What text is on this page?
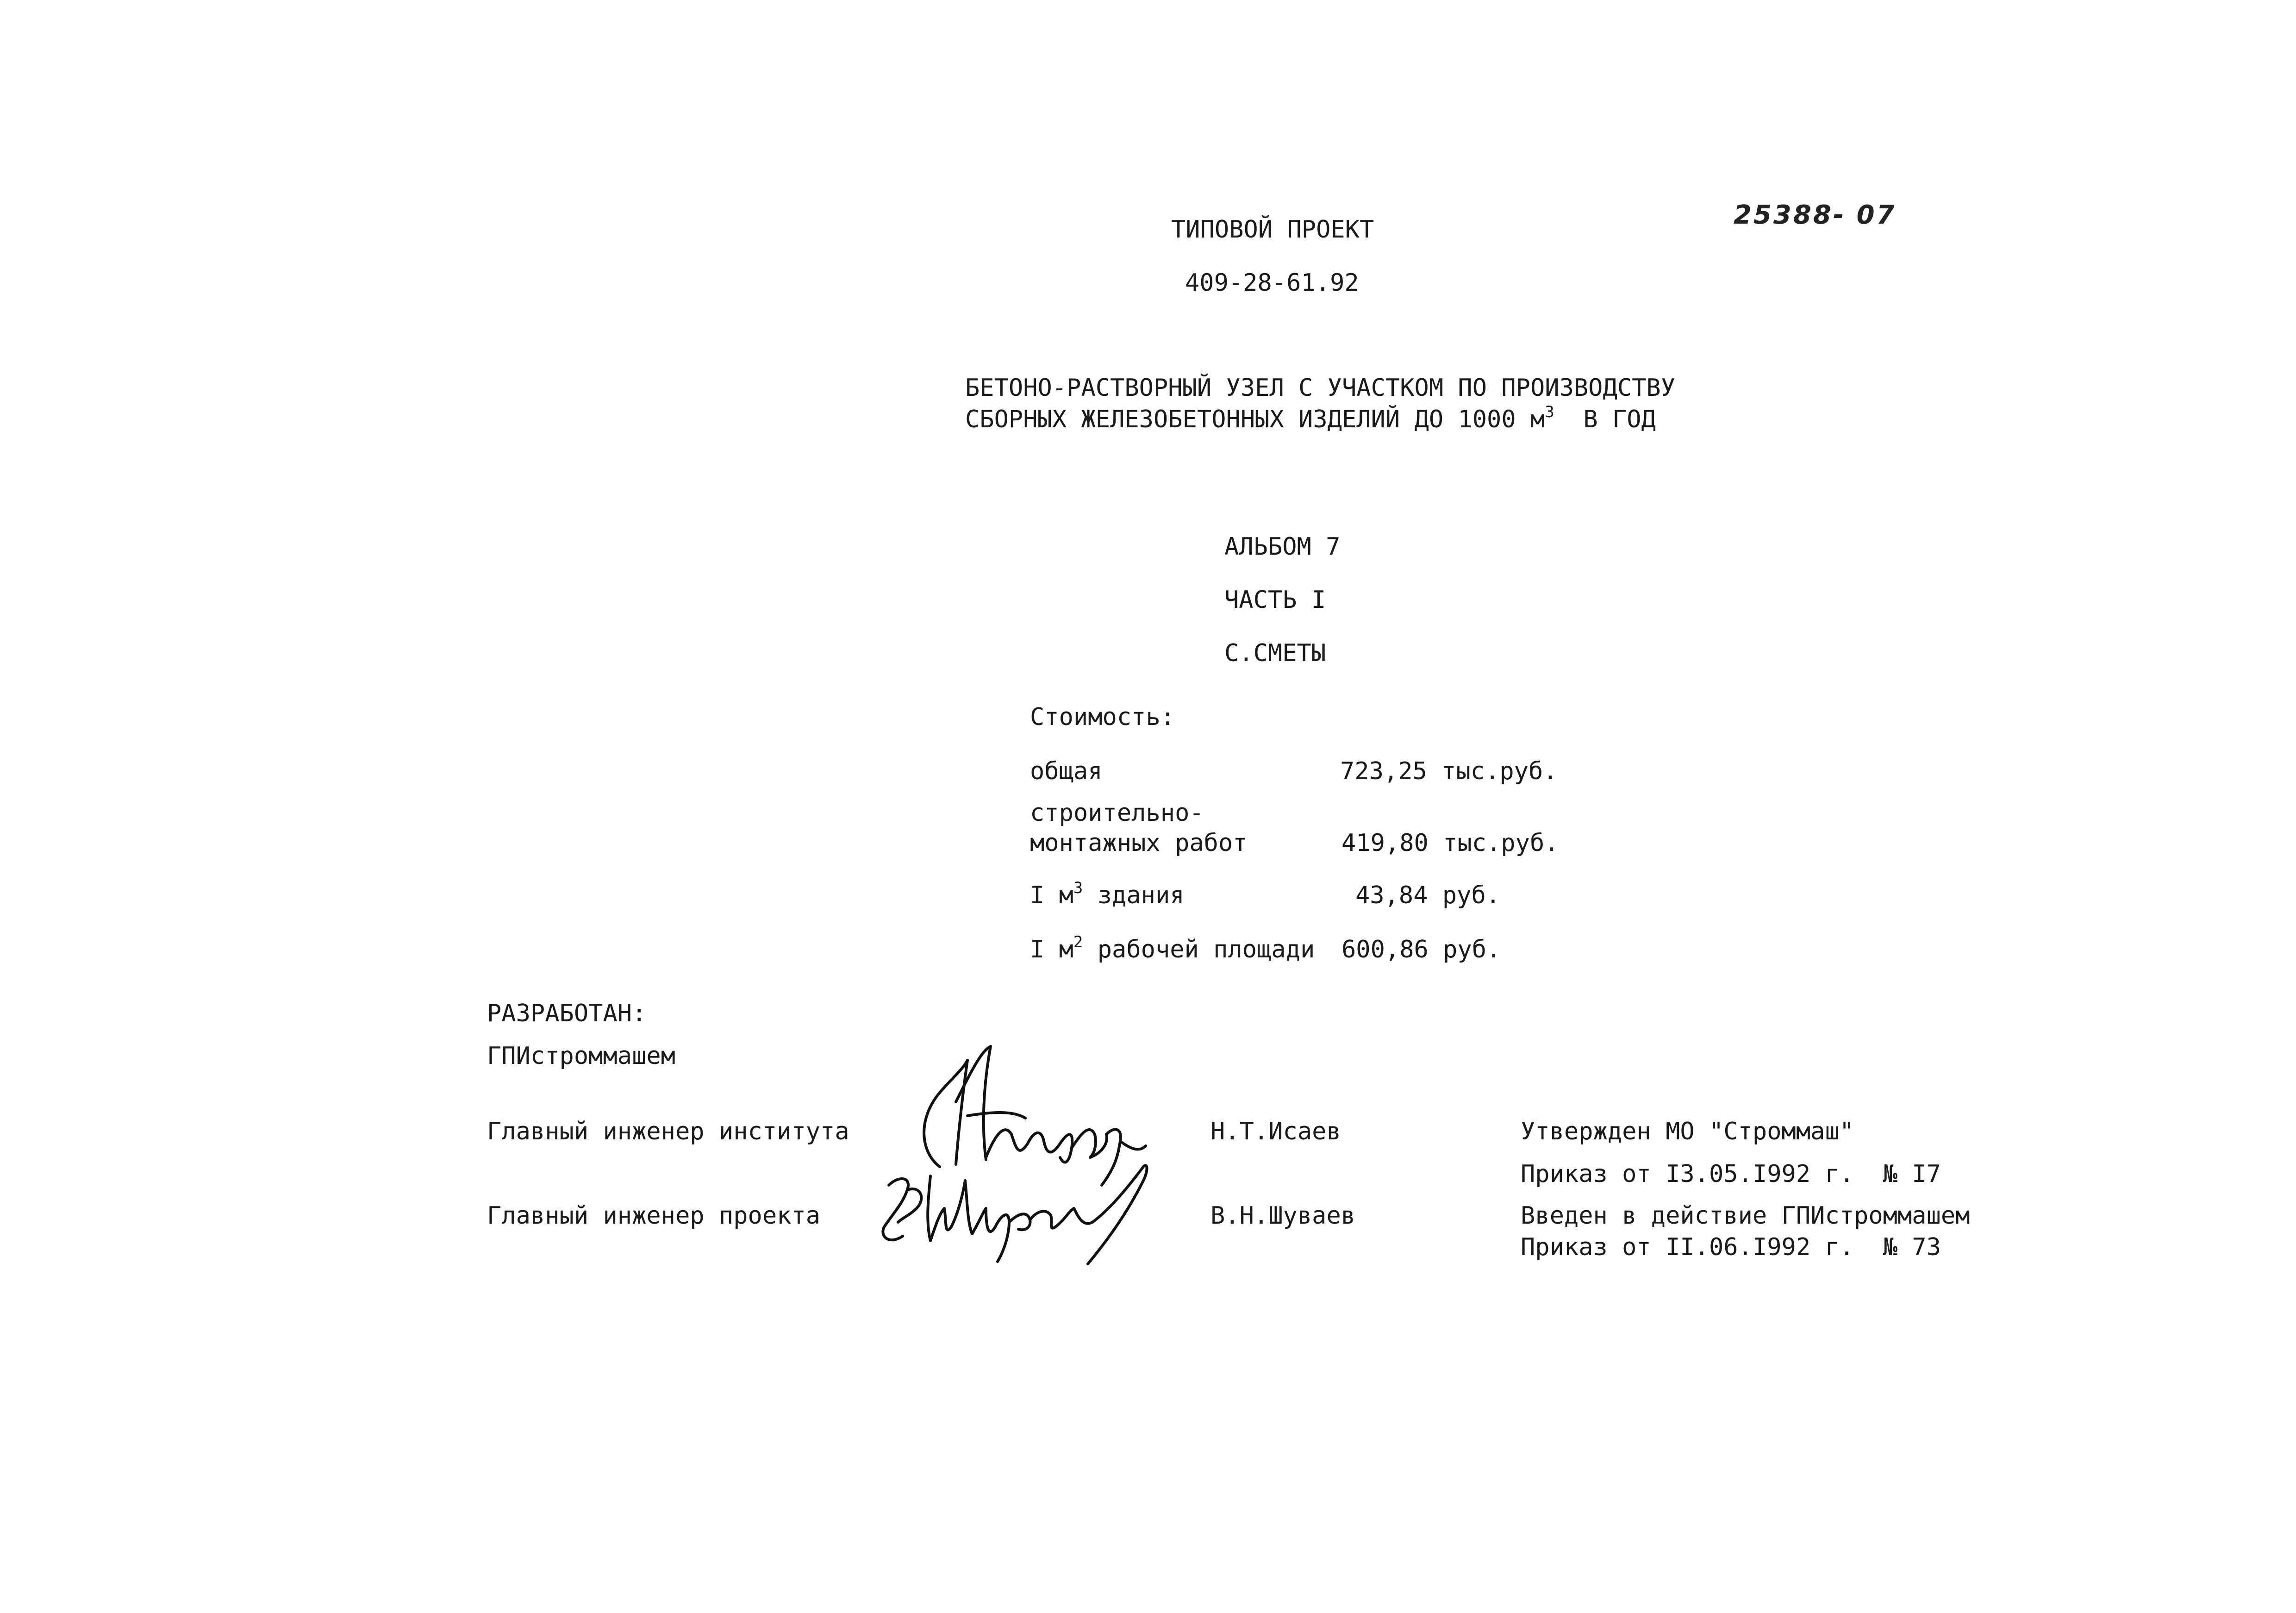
25388- 07
ТИПОВОЙ ПРОЕКТ
409-28-61.92
БЕТОНО-РАСТВОРНЫЙ УЗЕЛ С УЧАСТКОМ ПО ПРОИЗВОДСТВУ
СБОРНЫХ ЖЕЛЕЗОБЕТОННЫХ ИЗДЕЛИЙ ДО 1000 $м^3$ В ГОД
АЛЬБОМ 7
ЧАСТЬ I
С.СМЕТЫ
Стоимость:
общая	723,25 тыс.руб.
строительно-
монтажных работ	419,80 тыс.руб.
I $м^3$ здания	43,84 руб.
I $м^2$ рабочей площади 600,86 руб.
РАЗРАБОТАН:
ГПИстроммашем
Главный инженер института	Н.Т.Исаев
Главный инженер проекта	В.Н.Шуваев
Утвержден МО "Строммаш"
Приказ от I3.05.I992 г.  № I7
Введен в действие ГПИстроммашем
Приказ от II.06.I992 г.  № 73
